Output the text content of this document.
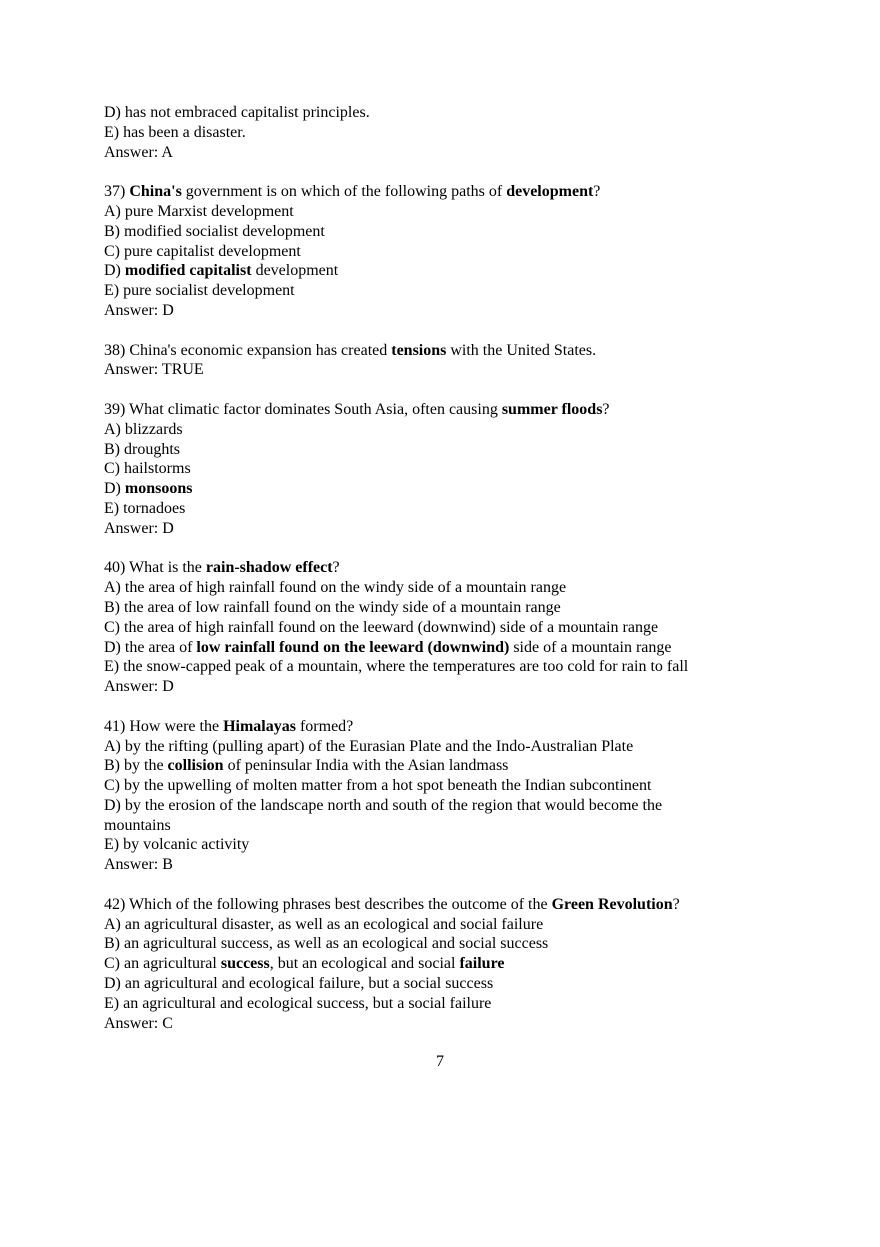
D) has not embraced capitalist principles.
E) has been a disaster.
Answer: A
37) China's government is on which of the following paths of development?
A) pure Marxist development
B) modified socialist development
C) pure capitalist development
D) modified capitalist development
E) pure socialist development
Answer: D
38) China's economic expansion has created tensions with the United States.
Answer: TRUE
39) What climatic factor dominates South Asia, often causing summer floods?
A) blizzards
B) droughts
C) hailstorms
D) monsoons
E) tornadoes
Answer: D
40) What is the rain-shadow effect?
A) the area of high rainfall found on the windy side of a mountain range
B) the area of low rainfall found on the windy side of a mountain range
C) the area of high rainfall found on the leeward (downwind) side of a mountain range
D) the area of low rainfall found on the leeward (downwind) side of a mountain range
E) the snow-capped peak of a mountain, where the temperatures are too cold for rain to fall
Answer: D
41) How were the Himalayas formed?
A) by the rifting (pulling apart) of the Eurasian Plate and the Indo-Australian Plate
B) by the collision of peninsular India with the Asian landmass
C) by the upwelling of molten matter from a hot spot beneath the Indian subcontinent
D) by the erosion of the landscape north and south of the region that would become the
mountains
E) by volcanic activity
Answer: B
42) Which of the following phrases best describes the outcome of the Green Revolution?
A) an agricultural disaster, as well as an ecological and social failure
B) an agricultural success, as well as an ecological and social success
C) an agricultural success, but an ecological and social failure
D) an agricultural and ecological failure, but a social success
E) an agricultural and ecological success, but a social failure
Answer: C
7
